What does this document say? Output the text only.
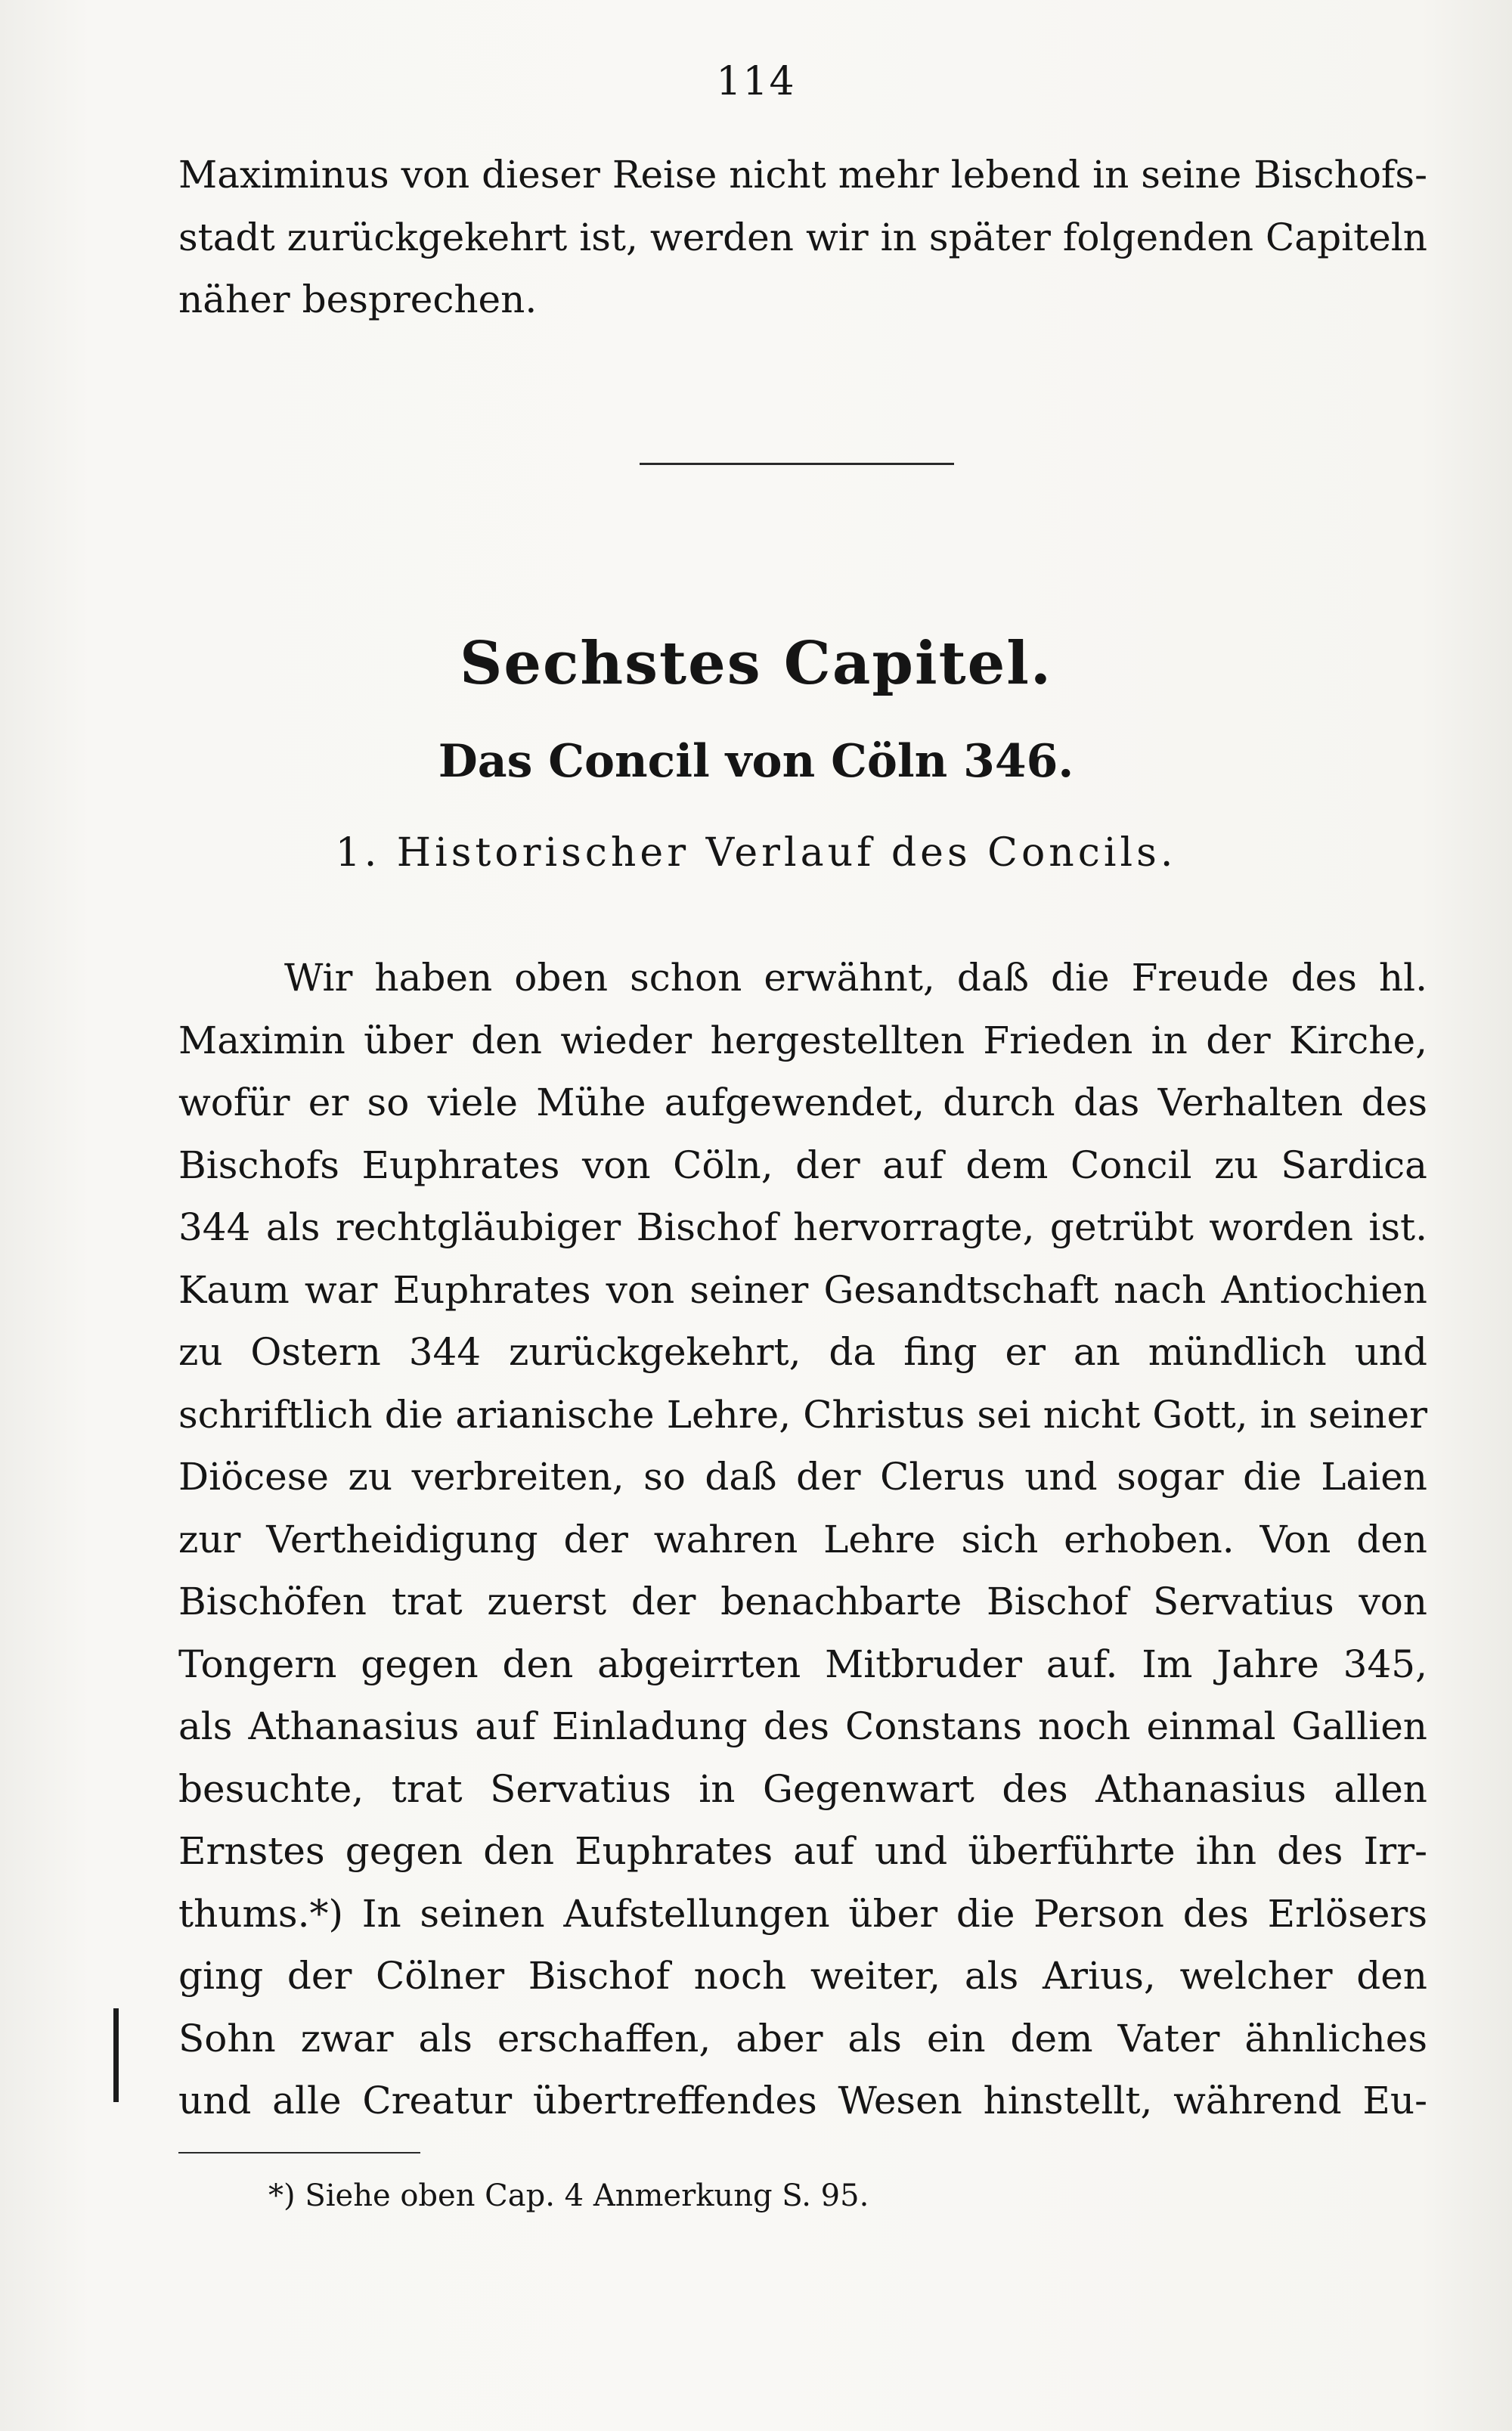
114
Maximinus von dieser Reise nicht mehr lebend in seine Bischofs-
stadt zurückgekehrt ist, werden wir in später folgenden Capiteln
näher besprechen.
Sechstes Capitel.
Das Concil von Cöln 346.
1. Historischer Verlauf des Concils.
Wir haben oben schon erwähnt, daß die Freude des hl.
Maximin über den wieder hergestellten Frieden in der Kirche,
wofür er so viele Mühe aufgewendet, durch das Verhalten des
Bischofs Euphrates von Cöln, der auf dem Concil zu Sardica
344 als rechtgläubiger Bischof hervorragte, getrübt worden ist.
Kaum war Euphrates von seiner Gesandtschaft nach Antiochien
zu Ostern 344 zurückgekehrt, da fing er an mündlich und
schriftlich die arianische Lehre, Christus sei nicht Gott, in seiner
Diöcese zu verbreiten, so daß der Clerus und sogar die Laien
zur Vertheidigung der wahren Lehre sich erhoben. Von den
Bischöfen trat zuerst der benachbarte Bischof Servatius von
Tongern gegen den abgeirrten Mitbruder auf. Im Jahre 345,
als Athanasius auf Einladung des Constans noch einmal Gallien
besuchte, trat Servatius in Gegenwart des Athanasius allen
Ernstes gegen den Euphrates auf und überführte ihn des Irr-
thums.*) In seinen Aufstellungen über die Person des Erlösers
ging der Cölner Bischof noch weiter, als Arius, welcher den
Sohn zwar als erschaffen, aber als ein dem Vater ähnliches
und alle Creatur übertreffendes Wesen hinstellt, während Eu-
*) Siehe oben Cap. 4 Anmerkung S. 95.
